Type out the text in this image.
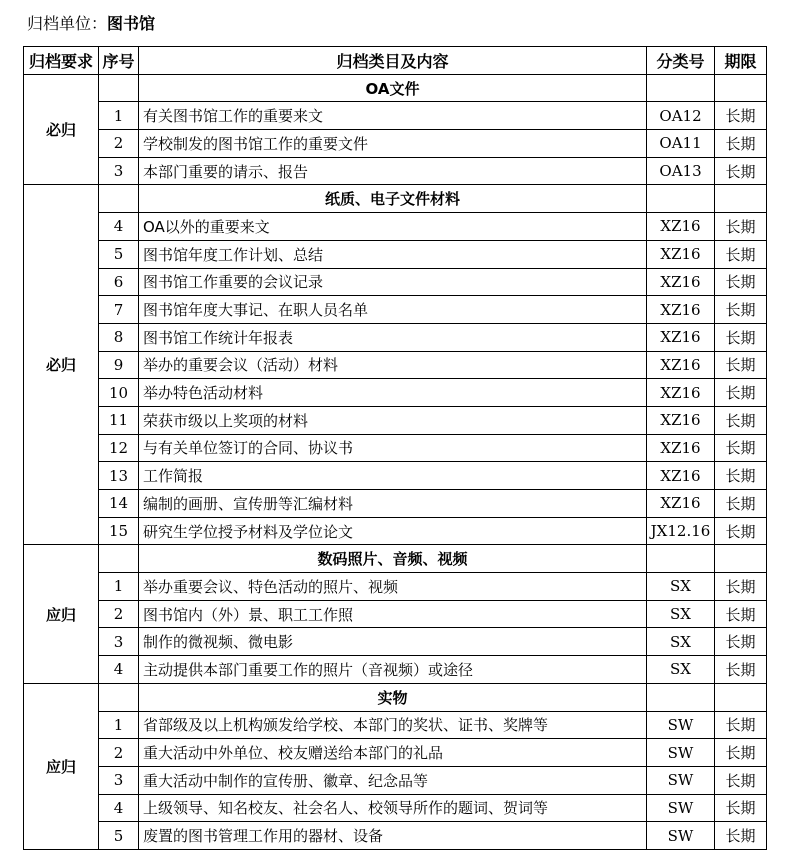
归档单位：图书馆
归档要求	序号	归档类目及内容	分类号	期限
必归		OA文件		
	1	有关图书馆工作的重要来文	OA12	长期
	2	学校制发的图书馆工作的重要文件	OA11	长期
	3	本部门重要的请示、报告	OA13	长期
必归		纸质、电子文件材料		
	4	OA以外的重要来文	XZ16	长期
	5	图书馆年度工作计划、总结	XZ16	长期
	6	图书馆工作重要的会议记录	XZ16	长期
	7	图书馆年度大事记、在职人员名单	XZ16	长期
	8	图书馆工作统计年报表	XZ16	长期
	9	举办的重要会议（活动）材料	XZ16	长期
	10	举办特色活动材料	XZ16	长期
	11	荣获市级以上奖项的材料	XZ16	长期
	12	与有关单位签订的合同、协议书	XZ16	长期
	13	工作简报	XZ16	长期
	14	编制的画册、宣传册等汇编材料	XZ16	长期
	15	研究生学位授予材料及学位论文	JX12.16	长期
应归		数码照片、音频、视频		
	1	举办重要会议、特色活动的照片、视频	SX	长期
	2	图书馆内（外）景、职工工作照	SX	长期
	3	制作的微视频、微电影	SX	长期
	4	主动提供本部门重要工作的照片（音视频）或途径	SX	长期
应归		实物		
	1	省部级及以上机构颁发给学校、本部门的奖状、证书、奖牌等	SW	长期
	2	重大活动中外单位、校友赠送给本部门的礼品	SW	长期
	3	重大活动中制作的宣传册、徽章、纪念品等	SW	长期
	4	上级领导、知名校友、社会名人、校领导所作的题词、贺词等	SW	长期
	5	废置的图书管理工作用的器材、设备	SW	长期
